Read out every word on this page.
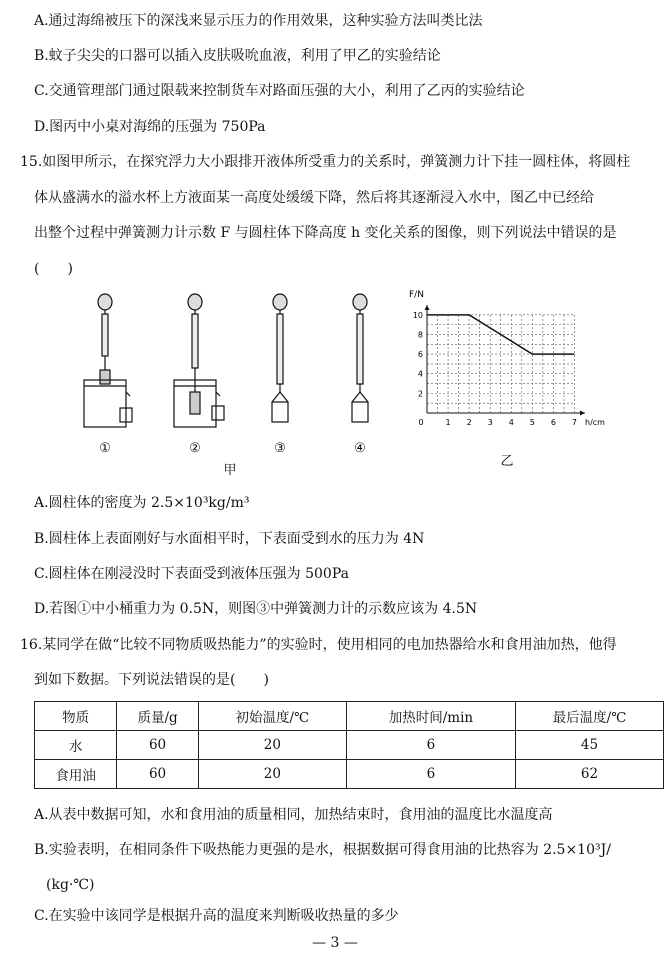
A.通过海绵被压下的深浅来显示压力的作用效果，这种实验方法叫类比法
B.蚊子尖尖的口器可以插入皮肤吸吮血液，利用了甲乙的实验结论
C.交通管理部门通过限载来控制货车对路面压强的大小，利用了乙丙的实验结论
D.图丙中小桌对海绵的压强为 750Pa
15.如图甲所示，在探究浮力大小跟排开液体所受重力的关系时，弹簧测力计下挂一圆柱体，将圆柱
体从盛满水的溢水杯上方液面某一高度处缓缓下降，然后将其逐渐浸入水中，图乙中已经给
出整个过程中弹簧测力计示数 F 与圆柱体下降高度 h 变化关系的图像，则下列说法中错误的是
(　　)
①	②	③	④
甲
0	1 2 3 4 5 6 7
2
4
6
8
10
F/N
h/cm
乙
A.圆柱体的密度为 2.5×10³kg/m³
B.圆柱体上表面刚好与水面相平时，下表面受到水的压力为 4N
C.圆柱体在刚浸没时下表面受到液体压强为 500Pa
D.若图①中小桶重力为 0.5N，则图③中弹簧测力计的示数应该为 4.5N
16.某同学在做“比较不同物质吸热能力”的实验时，使用相同的电加热器给水和食用油加热，他得
到如下数据。下列说法错误的是(　　)
物质	质量/g	初始温度/℃	加热时间/min	最后温度/℃
水	60	20	6	45
食用油	60	20	6	62
A.从表中数据可知，水和食用油的质量相同，加热结束时，食用油的温度比水温度高
B.实验表明，在相同条件下吸热能力更强的是水，根据数据可得食用油的比热容为 2.5×10³J/
(kg·℃)
C.在实验中该同学是根据升高的温度来判断吸收热量的多少
— 3 —
